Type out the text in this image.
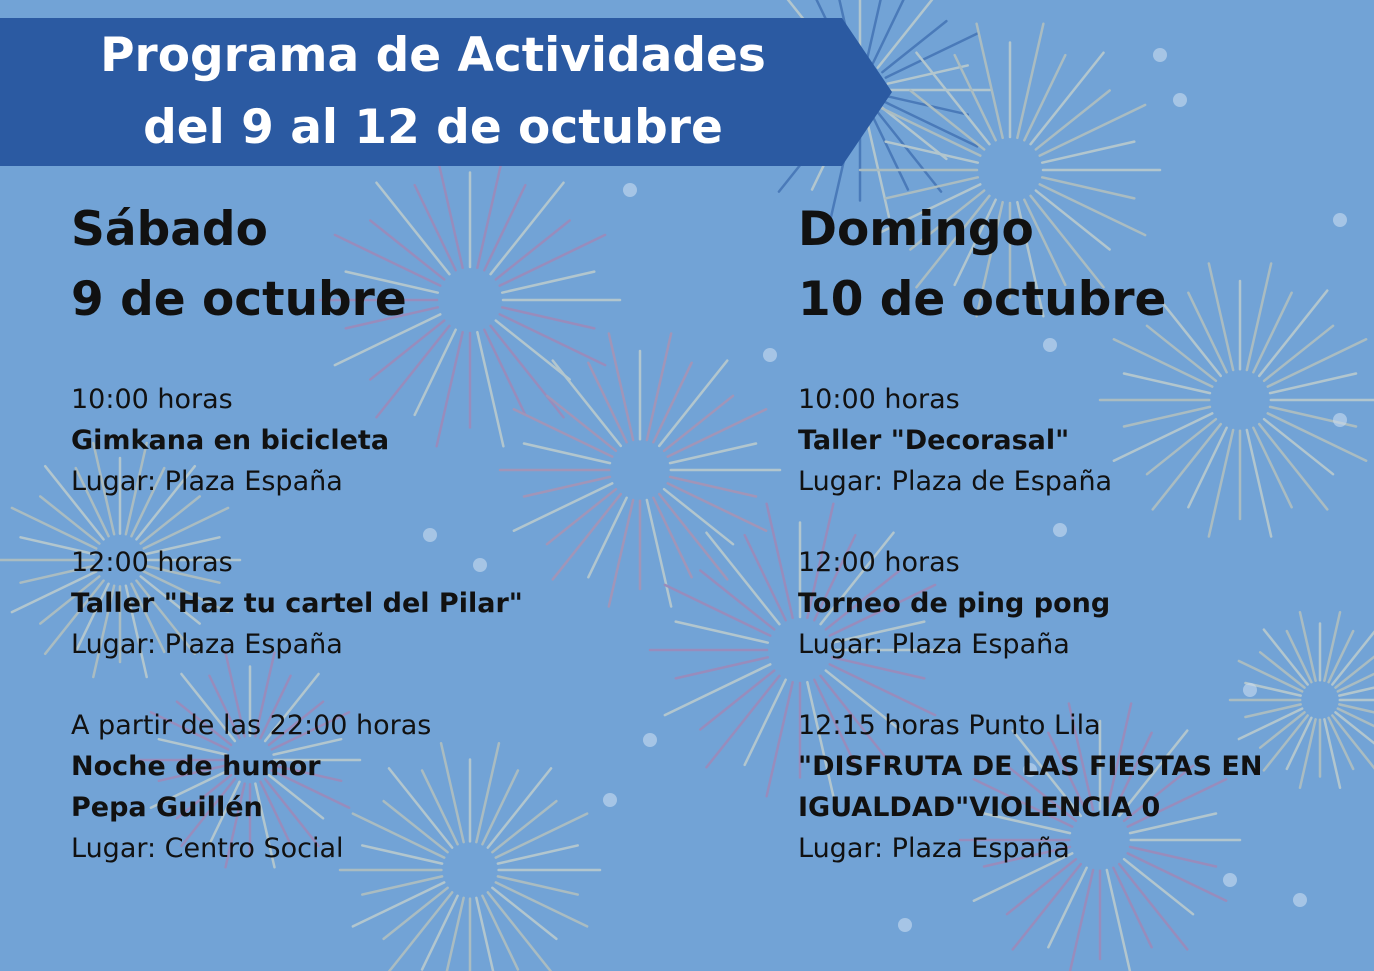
Programa de Actividades
del 9 al 12 de octubre
Sábado
9 de octubre
10:00 horas
Gimkana en bicicleta
Lugar: Plaza España
12:00 horas
Taller "Haz tu cartel del Pilar"
Lugar: Plaza España
A partir de las 22:00 horas
Noche de humor
Pepa Guillén
Lugar: Centro Social
Domingo
10 de octubre
10:00 horas
Taller "Decorasal"
Lugar: Plaza de España
12:00 horas
Torneo de ping pong
Lugar: Plaza España
12:15 horas Punto Lila
"DISFRUTA DE LAS FIESTAS EN
IGUALDAD"VIOLENCIA 0
Lugar: Plaza España
